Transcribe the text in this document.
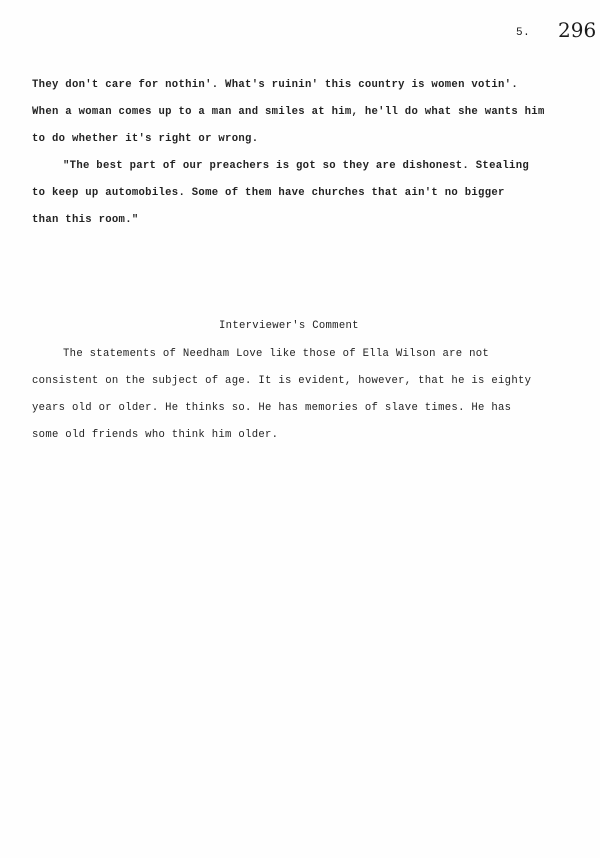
5. 296
They don't care for nothin'. What's ruinin' this country is women votin'.
When a woman comes up to a man and smiles at him, he'll do what she wants him
to do whether it's right or wrong.
"The best part of our preachers is got so they are dishonest. Stealing
to keep up automobiles. Some of them have churches that ain't no bigger
than this room."
Interviewer's Comment
The statements of Needham Love like those of Ella Wilson are not
consistent on the subject of age. It is evident, however, that he is eighty
years old or older. He thinks so. He has memories of slave times. He has
some old friends who think him older.
